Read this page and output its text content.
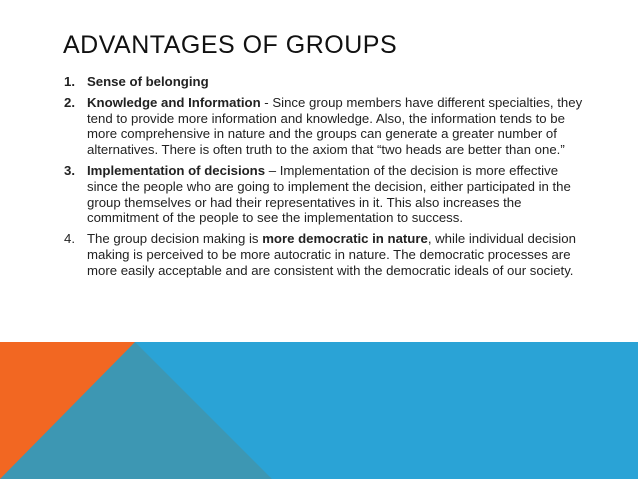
ADVANTAGES OF GROUPS
1. Sense of belonging
2. Knowledge and Information - Since group members have different specialties, they tend to provide more information and knowledge. Also, the information tends to be more comprehensive in nature and the groups can generate a greater number of alternatives. There is often truth to the axiom that “two heads are better than one.”
3. Implementation of decisions – Implementation of the decision is more effective since the people who are going to implement the decision, either participated in the group themselves or had their representatives in it. This also increases the commitment of the people to see the implementation to success.
4. The group decision making is more democratic in nature, while individual decision making is perceived to be more autocratic in nature. The democratic processes are more easily acceptable and are consistent with the democratic ideals of our society.
